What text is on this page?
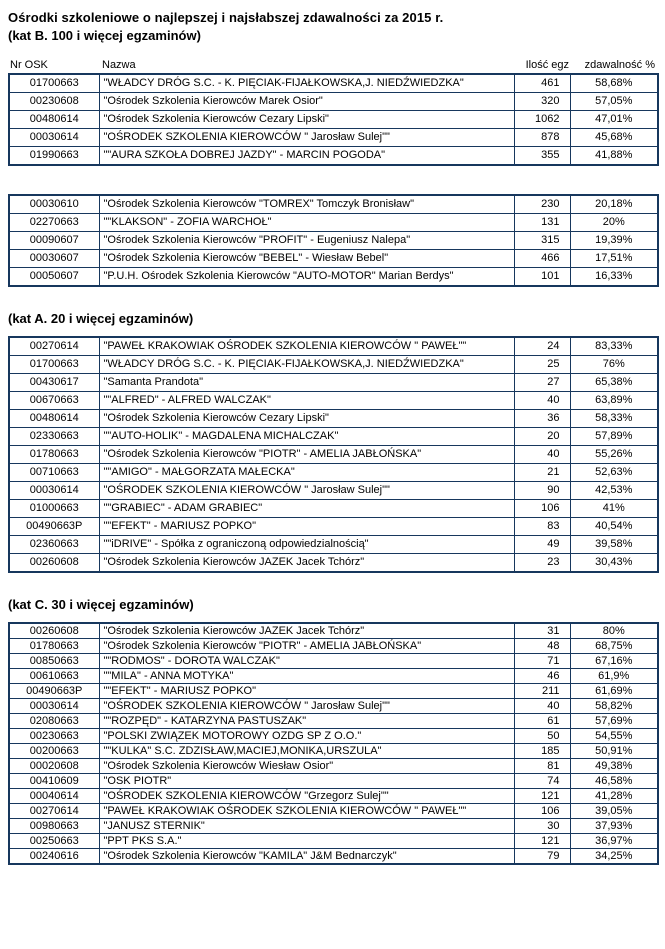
Ośrodki szkoleniowe o najlepszej i najsłabszej zdawalności za 2015 r.
(kat B. 100 i więcej egzaminów)
Nr OSK	Nazwa	Ilość egz	zdawalność %
01700663	"WŁADCY DRÓG S.C. - K. PIĘCIAK-FIJAŁKOWSKA,J. NIEDŹWIEDZKA"	461	58,68%
00230608	"Ośrodek Szkolenia Kierowców Marek Osior"	320	57,05%
00480614	"Ośrodek Szkolenia Kierowców Cezary Lipski"	1062	47,01%
00030614	"OŚRODEK SZKOLENIA KIEROWCÓW " Jarosław Sulej""	878	45,68%
01990663	""AURA SZKOŁA DOBREJ JAZDY" - MARCIN POGODA"	355	41,88%
00030610	"Ośrodek Szkolenia Kierowców "TOMREX" Tomczyk Bronisław"	230	20,18%
02270663	""KLAKSON" - ZOFIA WARCHOŁ"	131	20%
00090607	"Ośrodek Szkolenia Kierowców "PROFIT" - Eugeniusz Nalepa"	315	19,39%
00030607	"Ośrodek Szkolenia Kierowców "BEBEL" - Wiesław Bebel"	466	17,51%
00050607	"P.U.H. Ośrodek Szkolenia Kierowców "AUTO-MOTOR" Marian Berdys"	101	16,33%
(kat A. 20 i więcej egzaminów)
00270614	"PAWEŁ KRAKOWIAK OŚRODEK SZKOLENIA KIEROWCÓW " PAWEŁ""	24	83,33%
01700663	"WŁADCY DRÓG S.C. - K. PIĘCIAK-FIJAŁKOWSKA,J. NIEDŹWIEDZKA"	25	76%
00430617	"Samanta Prandota"	27	65,38%
00670663	""ALFRED" - ALFRED WALCZAK"	40	63,89%
00480614	"Ośrodek Szkolenia Kierowców Cezary Lipski"	36	58,33%
02330663	""AUTO-HOLIK" - MAGDALENA MICHALCZAK"	20	57,89%
01780663	"Ośrodek Szkolenia Kierowców "PIOTR" - AMELIA JABŁOŃSKA"	40	55,26%
00710663	""AMIGO" - MAŁGORZATA MAŁECKA"	21	52,63%
00030614	"OŚRODEK SZKOLENIA KIEROWCÓW " Jarosław Sulej""	90	42,53%
01000663	""GRABIEC" - ADAM GRABIEC"	106	41%
00490663P	""EFEKT" - MARIUSZ POPKO"	83	40,54%
02360663	""iDRIVE" - Spółka z ograniczoną odpowiedzialnością"	49	39,58%
00260608	"Ośrodek Szkolenia Kierowców JAZEK Jacek Tchórz"	23	30,43%
(kat C. 30 i więcej egzaminów)
00260608	"Ośrodek Szkolenia Kierowców JAZEK Jacek Tchórz"	31	80%
01780663	"Ośrodek Szkolenia Kierowców "PIOTR" - AMELIA JABŁOŃSKA"	48	68,75%
00850663	""RODMOS" - DOROTA WALCZAK"	71	67,16%
00610663	""MILA" - ANNA MOTYKA"	46	61,9%
00490663P	""EFEKT" - MARIUSZ POPKO"	211	61,69%
00030614	"OŚRODEK SZKOLENIA KIEROWCÓW " Jarosław Sulej""	40	58,82%
02080663	""ROZPĘD" - KATARZYNA PASTUSZAK"	61	57,69%
00230663	"POLSKI ZWIĄZEK MOTOROWY OZDG SP Z O.O."	50	54,55%
00200663	""KULKA" S.C. ZDZISŁAW,MACIEJ,MONIKA,URSZULA"	185	50,91%
00020608	"Ośrodek Szkolenia Kierowców Wiesław Osior"	81	49,38%
00410609	"OSK PIOTR"	74	46,58%
00040614	"OŚRODEK SZKOLENIA KIEROWCÓW "Grzegorz Sulej""	121	41,28%
00270614	"PAWEŁ KRAKOWIAK OŚRODEK SZKOLENIA KIEROWCÓW " PAWEŁ""	106	39,05%
00980663	"JANUSZ STERNIK"	30	37,93%
00250663	"PPT PKS S.A."	121	36,97%
00240616	"Ośrodek Szkolenia Kierowców "KAMILA" J&M Bednarczyk"	79	34,25%
